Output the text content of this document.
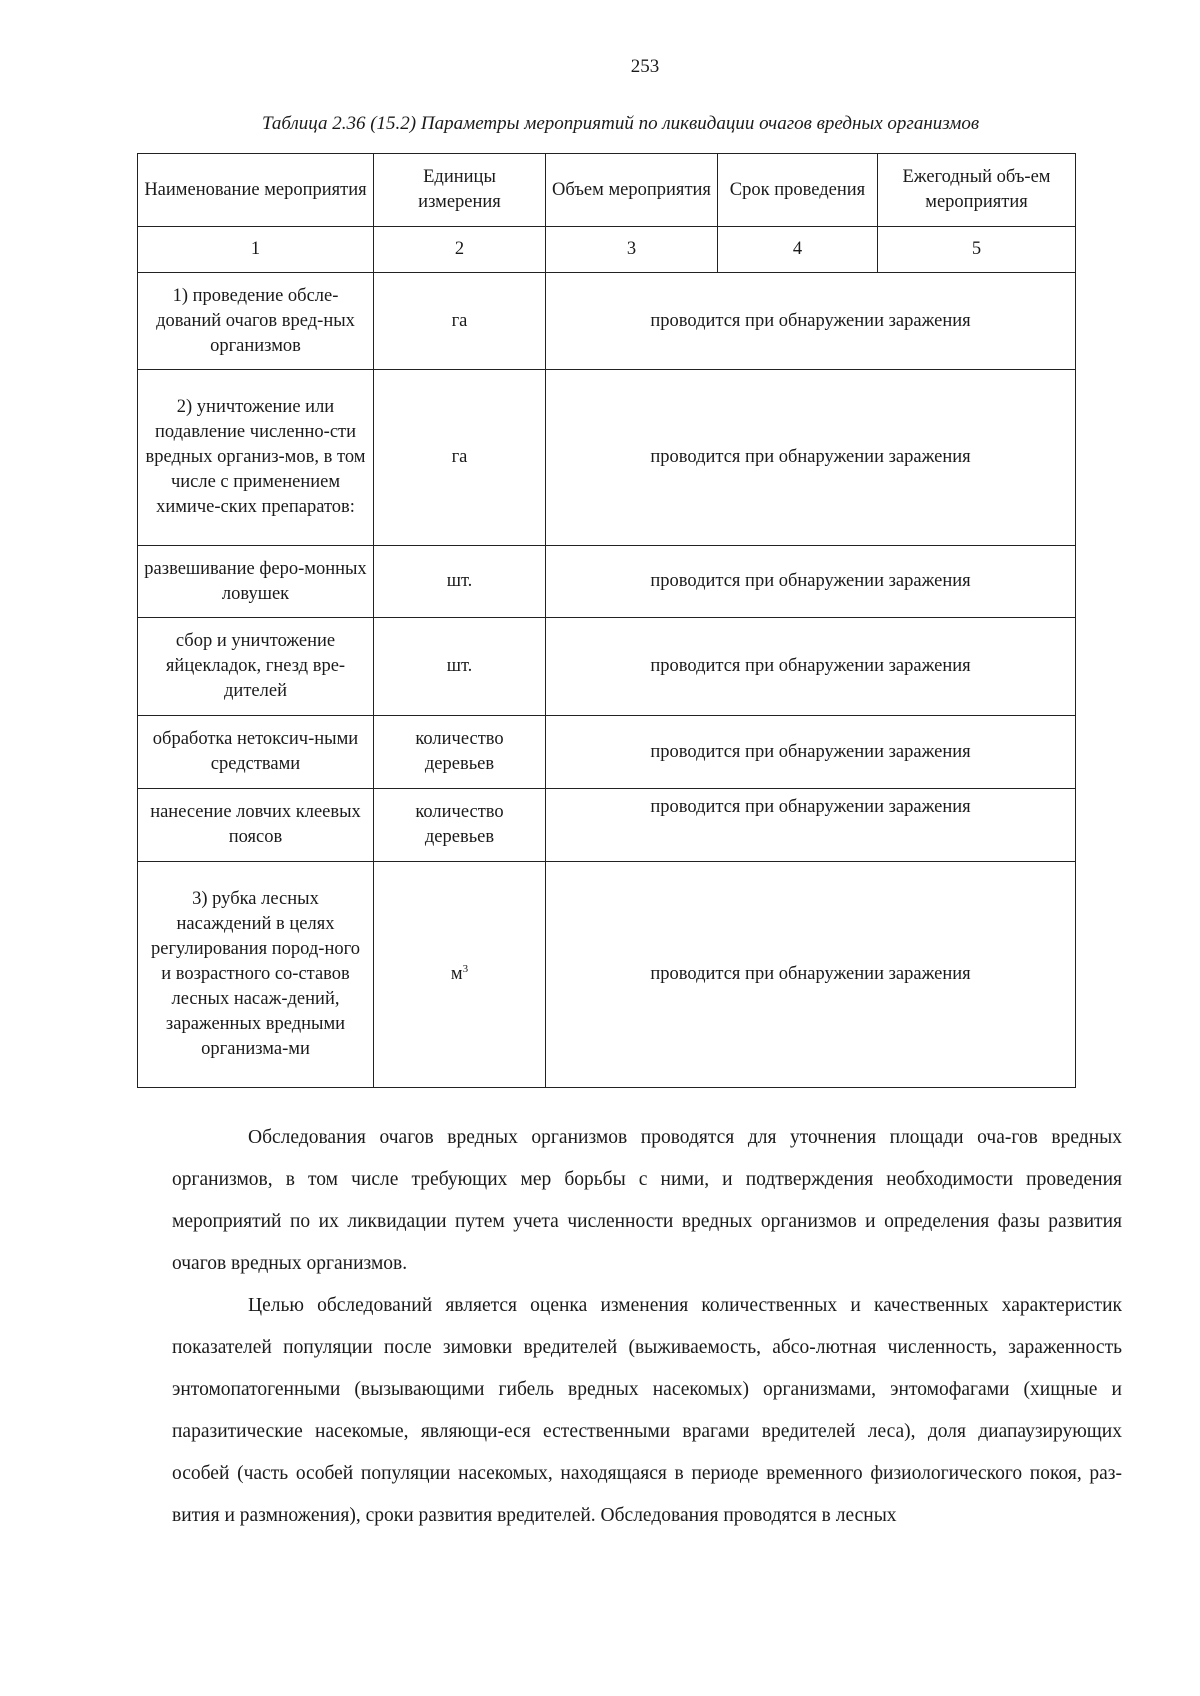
253
Таблица 2.36 (15.2) Параметры мероприятий по ликвидации очагов вредных организмов
Наименование мероприятия	Единицы измерения	Объем мероприятия	Срок проведения	Ежегодный объ-ем мероприятия
1	2	3	4	5
1) проведение обсле-дований очагов вред-ных организмов	га	проводится при обнаружении заражения		
2) уничтожение или подавление численно-сти вредных организ-мов, в том числе с применением химиче-ских препаратов:	га	проводится при обнаружении заражения		
развешивание феро-монных ловушек	шт.	проводится при обнаружении заражения		
сбор и уничтожение яйцекладок, гнезд вре-дителей	шт.	проводится при обнаружении заражения		
обработка нетоксич-ными средствами	количество деревьев	проводится при обнаружении заражения		
нанесение ловчих клеевых поясов	количество деревьев	проводится при обнаружении заражения		
3) рубка лесных насаждений в целях регулирования пород-ного и возрастного со-ставов лесных насаж-дений, зараженных вредными организма-ми	$м^3$	проводится при обнаружении заражения		

Обследования очагов вредных организмов проводятся для уточнения площади оча-гов вредных организмов, в том числе требующих мер борьбы с ними, и подтверждения необходимости проведения мероприятий по их ликвидации путем учета численности вредных организмов и определения фазы развития очагов вредных организмов.

Целью обследований является оценка изменения количественных и качественных характеристик показателей популяции после зимовки вредителей (выживаемость, абсо-лютная численность, зараженность энтомопатогенными (вызывающими гибель вредных насекомых) организмами, энтомофагами (хищные и паразитические насекомые, являющи-еся естественными врагами вредителей леса), доля диапаузирующих особей (часть особей популяции насекомых, находящаяся в периоде временного физиологического покоя, раз-вития и размножения), сроки развития вредителей. Обследования проводятся в лесных
